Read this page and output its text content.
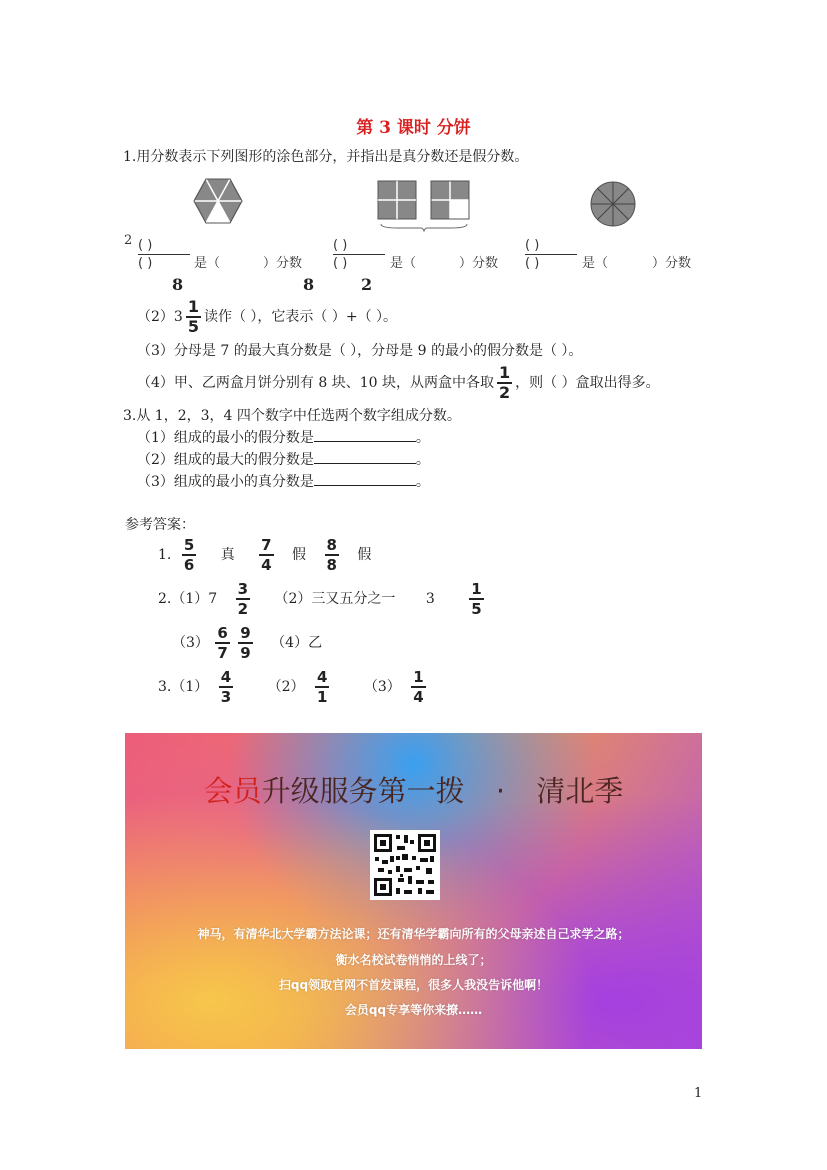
第 3 课时 分饼
1.用分数表示下列图形的涂色部分，并指出是真分数还是假分数。
2 ( )
( )	是（	）分数
( )
( )	是（	）分数
( )
( )	是（	）分数
8	8	2
$(2)3 \frac{1}{5}$ 读作（ ），它表示（ ）+（ ）。
（3）分母是 7 的最大真分数是（ ），分母是 9 的最小的假分数是（ ）。
（4）甲、乙两盒月饼分别有 8 块、10 块，从两盒中各取 $\frac{1}{2}$ ，则（ ）盒取出得多。
3.从 1，2，3，4 四个数字中任选两个数字组成分数。
（1）组成的最小的假分数是	。
（2）组成的最大的假分数是	。
（3）组成的最小的真分数是	。
参考答案：
1. $\frac{5}{6}$ 真 $\frac{7}{4}$ 假 $\frac{8}{8}$ 假
$2.(1)7 \frac{3}{2} (2)$三又五分之一 $3 \frac{1}{5}$
$(3) \frac{6}{7}$
$\frac{9}{9} (4)$乙
$3.(1) \frac{4}{3} (2) \frac{4}{1} (3) \frac{1}{4}$
会员升级服务第一拨 · 清北季
神马，有清华北大学霸方法论课；还有清华学霸向所有的父母亲述自己求学之路；
衡水名校试卷悄悄的上线了；
扫qq领取官网不首发课程，很多人我没告诉他啊！
会员qq专享等你来撩……
1
